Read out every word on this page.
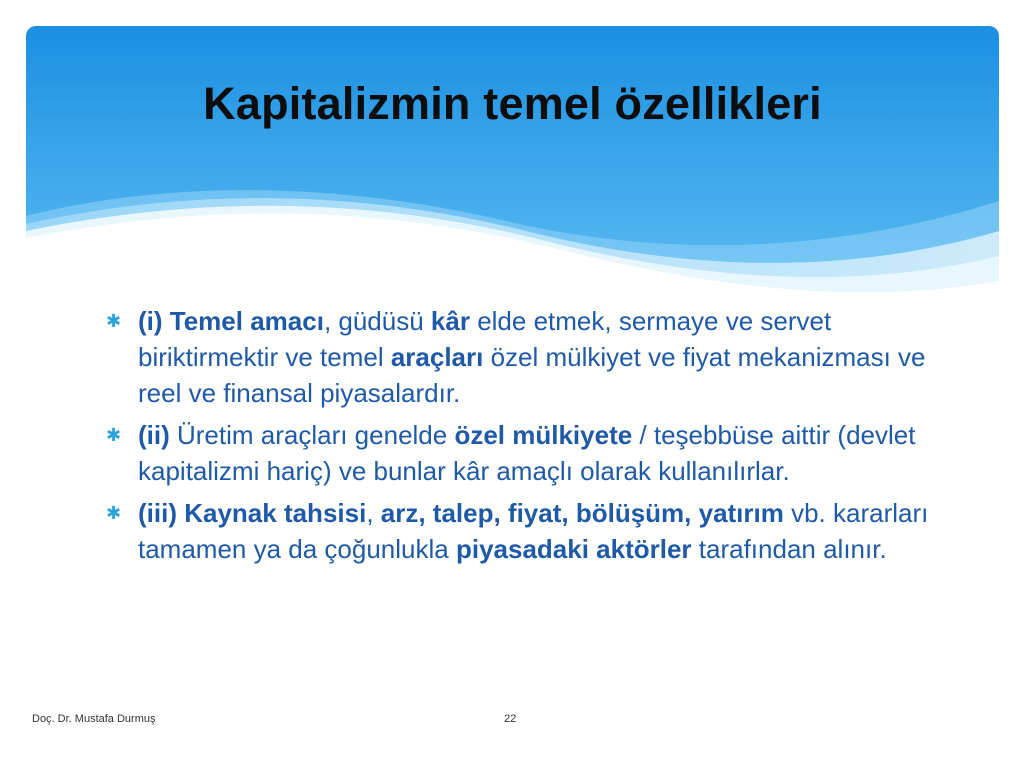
Kapitalizmin temel özellikleri
✱ (i) Temel amacı, güdüsü kâr elde etmek, sermaye ve servet biriktirmektir ve temel araçları özel mülkiyet ve fiyat mekanizması ve reel ve finansal piyasalardır.
✱ (ii) Üretim araçları genelde özel mülkiyete / teşebbüse aittir (devlet kapitalizmi hariç) ve bunlar kâr amaçlı olarak kullanılırlar.
✱ (iii) Kaynak tahsisi, arz, talep, fiyat, bölüşüm, yatırım vb. kararları tamamen ya da çoğunlukla piyasadaki aktörler tarafından alınır.
Doç. Dr. Mustafa Durmuş	22
